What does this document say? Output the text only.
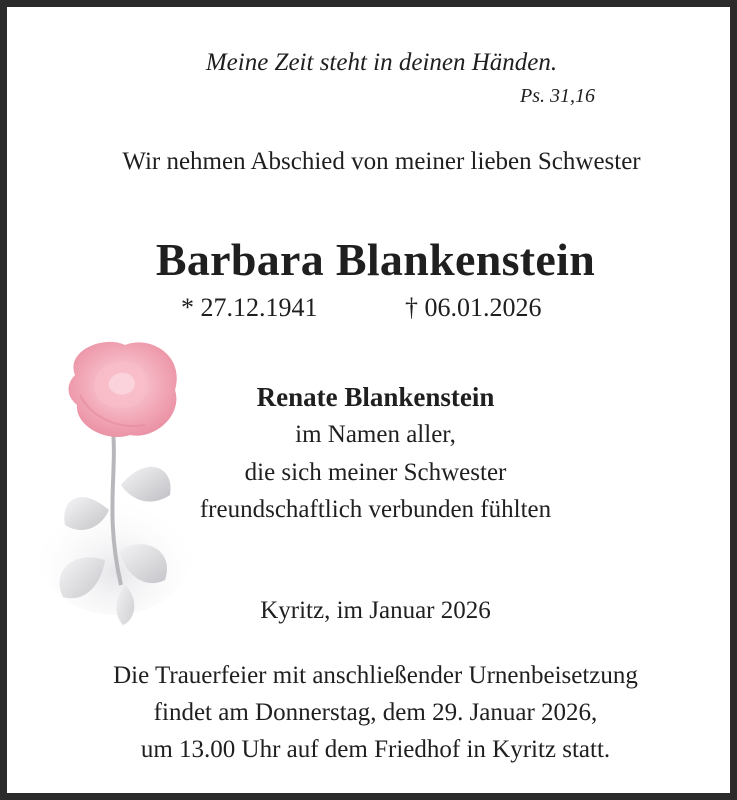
Meine Zeit steht in deinen Händen.
Ps. 31,16
Wir nehmen Abschied von meiner lieben Schwester
Barbara Blankenstein
* 27.12.1941	† 06.01.2026
Renate Blankenstein
im Namen aller,
die sich meiner Schwester
freundschaftlich verbunden fühlten
Kyritz, im Januar 2026
Die Trauerfeier mit anschließender Urnenbeisetzung
findet am Donnerstag, dem 29. Januar 2026,
um 13.00 Uhr auf dem Friedhof in Kyritz statt.
